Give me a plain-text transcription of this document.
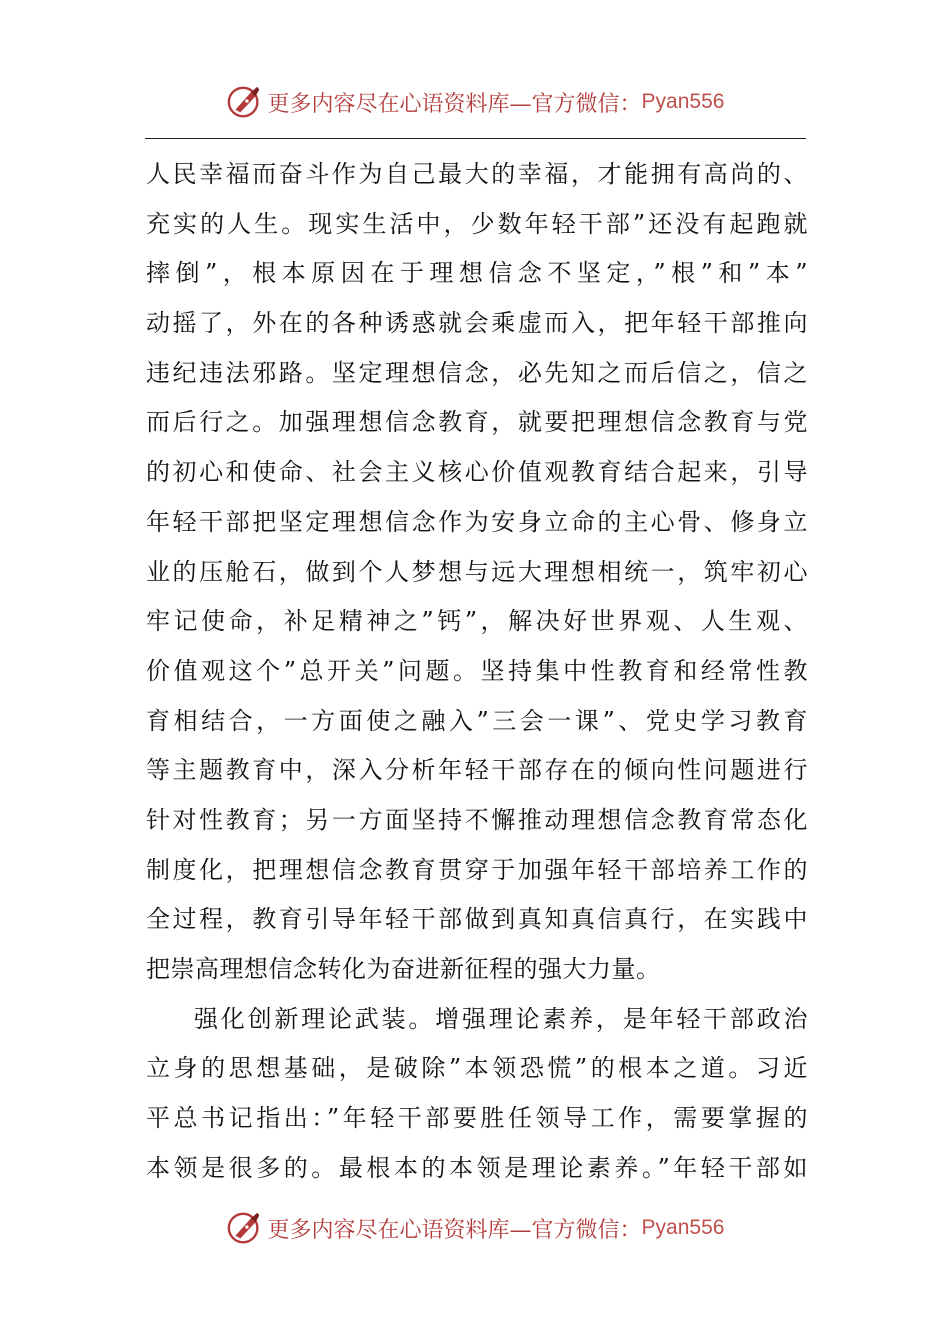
更多内容尽在心语资料库—官方微信： Pyan556
人民幸福而奋斗作为自己最大的幸福，才能拥有高尚的、
充实的人生。现实生活中，少数年轻干部”还没有起跑就
摔倒”，根本原因在于理想信念不坚定，”根”和”本”
动摇了，外在的各种诱惑就会乘虚而入，把年轻干部推向
违纪违法邪路。坚定理想信念，必先知之而后信之，信之
而后行之。加强理想信念教育，就要把理想信念教育与党
的初心和使命、社会主义核心价值观教育结合起来，引导
年轻干部把坚定理想信念作为安身立命的主心骨、修身立
业的压舱石，做到个人梦想与远大理想相统一，筑牢初心
牢记使命，补足精神之”钙”，解决好世界观、人生观、
价值观这个”总开关”问题。坚持集中性教育和经常性教
育相结合，一方面使之融入”三会一课”、党史学习教育
等主题教育中，深入分析年轻干部存在的倾向性问题进行
针对性教育；另一方面坚持不懈推动理想信念教育常态化
制度化，把理想信念教育贯穿于加强年轻干部培养工作的
全过程，教育引导年轻干部做到真知真信真行，在实践中
把崇高理想信念转化为奋进新征程的强大力量。
强化创新理论武装。增强理论素养，是年轻干部政治
立身的思想基础，是破除”本领恐慌”的根本之道。习近
平总书记指出：”年轻干部要胜任领导工作，需要掌握的
本领是很多的。最根本的本领是理论素养。”年轻干部如
更多内容尽在心语资料库—官方微信： Pyan556
